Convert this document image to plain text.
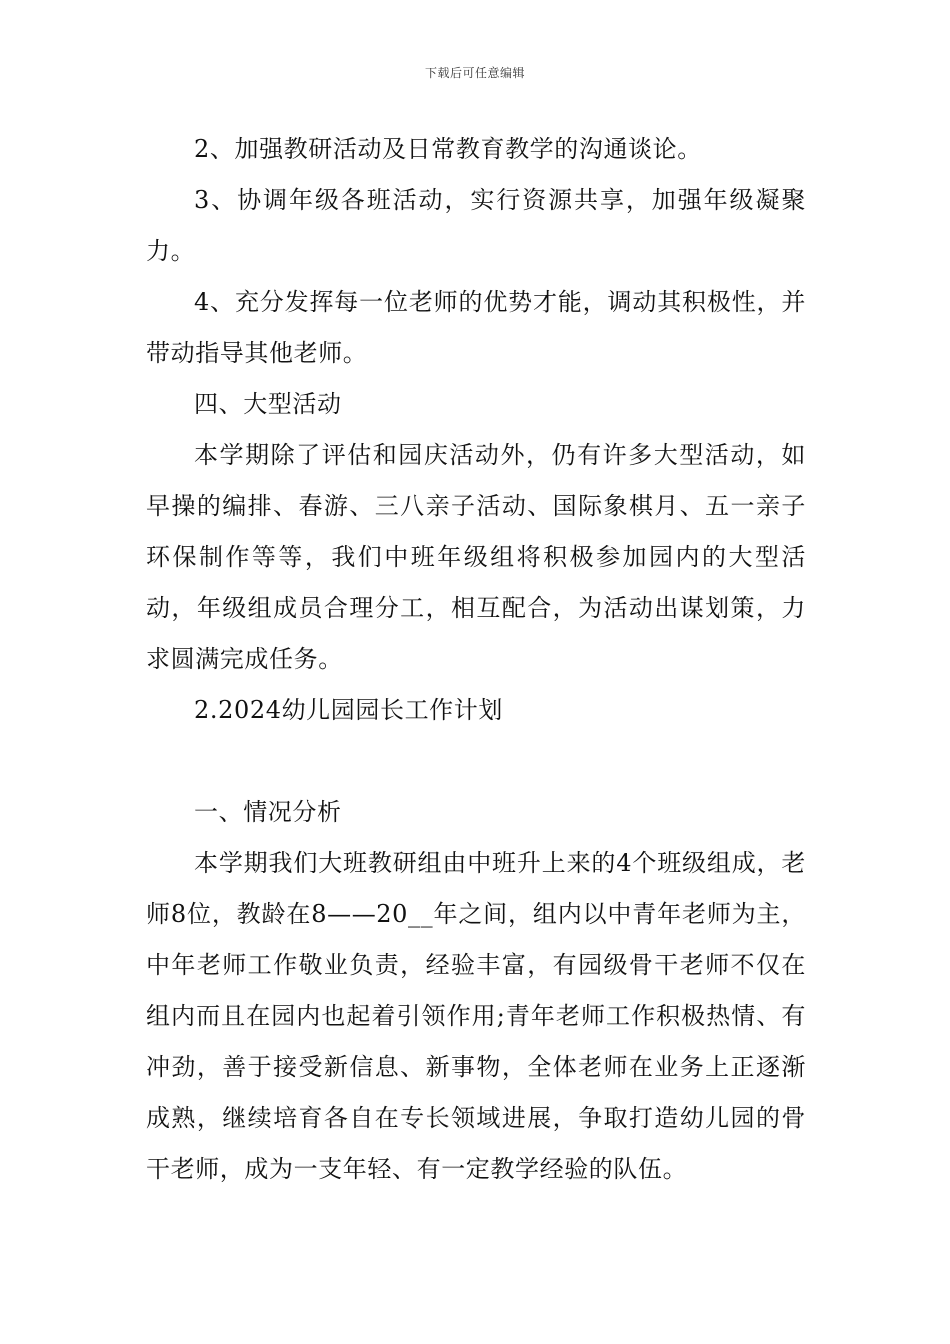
下载后可任意编辑

2、加强教研活动及日常教育教学的沟通谈论。

3、协调年级各班活动，实行资源共享，加强年级凝聚力。

4、充分发挥每一位老师的优势才能，调动其积极性，并带动指导其他老师。

四、大型活动

本学期除了评估和园庆活动外，仍有许多大型活动，如早操的编排、春游、三八亲子活动、国际象棋月、五一亲子环保制作等等，我们中班年级组将积极参加园内的大型活动，年级组成员合理分工，相互配合，为活动出谋划策，力求圆满完成任务。

2.2024幼儿园园长工作计划

一、情况分析

本学期我们大班教研组由中班升上来的4个班级组成，老师8位，教龄在8——20__年之间，组内以中青年老师为主，中年老师工作敬业负责，经验丰富，有园级骨干老师不仅在组内而且在园内也起着引领作用;青年老师工作积极热情、有冲劲，善于接受新信息、新事物，全体老师在业务上正逐渐成熟，继续培育各自在专长领域进展，争取打造幼儿园的骨干老师，成为一支年轻、有一定教学经验的队伍。
